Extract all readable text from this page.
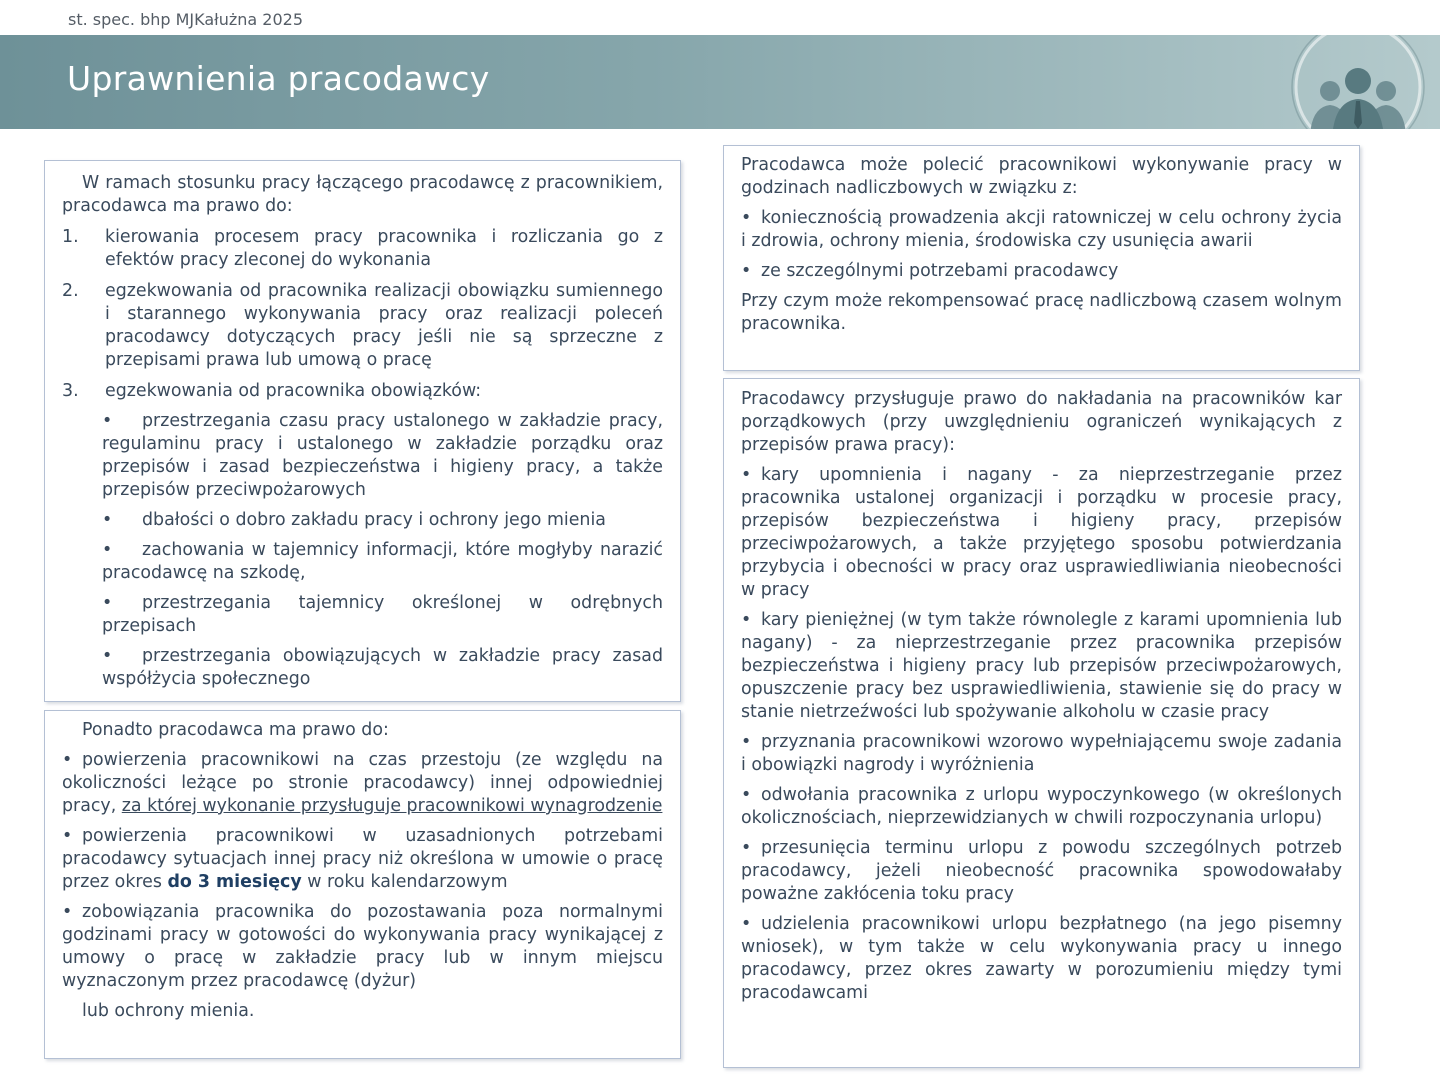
st. spec. bhp MJKałużna 2025
Uprawnienia pracodawcy

W ramach stosunku pracy łączącego pracodawcę z pracownikiem, pracodawca ma prawo do:

1.	kierowania procesem pracy pracownika i rozliczania go z efektów pracy zleconej do wykonania
2.	egzekwowania od pracownika realizacji obowiązku sumiennego i starannego wykonywania pracy oraz realizacji poleceń pracodawcy dotyczących pracy jeśli nie są sprzeczne z przepisami prawa lub umową o pracę
3.	egzekwowania od pracownika obowiązków:
• przestrzegania czasu pracy ustalonego w zakładzie pracy, regulaminu pracy i ustalonego w zakładzie porządku oraz przepisów i zasad bezpieczeństwa i higieny pracy, a także przepisów przeciwpożarowych
• dbałości o dobro zakładu pracy i ochrony jego mienia
• zachowania w tajemnicy informacji, które mogłyby narazić pracodawcę na szkodę,
• przestrzegania tajemnicy określonej w odrębnych przepisach
• przestrzegania obowiązujących w zakładzie pracy zasad współżycia społecznego

Ponadto pracodawca ma prawo do:

• powierzenia pracownikowi na czas przestoju (ze względu na okoliczności leżące po stronie pracodawcy) innej odpowiedniej pracy, za której wykonanie przysługuje pracownikowi wynagrodzenie
• powierzenia pracownikowi w uzasadnionych potrzebami pracodawcy sytuacjach innej pracy niż określona w umowie o pracę przez okres do 3 miesięcy w roku kalendarzowym
• zobowiązania pracownika do pozostawania poza normalnymi godzinami pracy w gotowości do wykonywania pracy wynikającej z umowy o pracę w zakładzie pracy lub w innym miejscu wyznaczonym przez pracodawcę (dyżur)

lub ochrony mienia.

Pracodawca może polecić pracownikowi wykonywanie pracy w godzinach nadliczbowych w związku z:

• koniecznością prowadzenia akcji ratowniczej w celu ochrony życia i zdrowia, ochrony mienia, środowiska czy usunięcia awarii
• ze szczególnymi potrzebami pracodawcy

Przy czym może rekompensować pracę nadliczbową czasem wolnym pracownika.

Pracodawcy przysługuje prawo do nakładania na pracowników kar porządkowych (przy uwzględnieniu ograniczeń wynikających z przepisów prawa pracy):

• kary upomnienia i nagany - za nieprzestrzeganie przez pracownika ustalonej organizacji i porządku w procesie pracy, przepisów bezpieczeństwa i higieny pracy, przepisów przeciwpożarowych, a także przyjętego sposobu potwierdzania przybycia i obecności w pracy oraz usprawiedliwiania nieobecności w pracy
• kary pieniężnej (w tym także równolegle z karami upomnienia lub nagany) - za nieprzestrzeganie przez pracownika przepisów bezpieczeństwa i higieny pracy lub przepisów przeciwpożarowych, opuszczenie pracy bez usprawiedliwienia, stawienie się do pracy w stanie nietrzeźwości lub spożywanie alkoholu w czasie pracy
• przyznania pracownikowi wzorowo wypełniającemu swoje zadania i obowiązki nagrody i wyróżnienia
• odwołania pracownika z urlopu wypoczynkowego (w określonych okolicznościach, nieprzewidzianych w chwili rozpoczynania urlopu)
• przesunięcia terminu urlopu z powodu szczególnych potrzeb pracodawcy, jeżeli nieobecność pracownika spowodowałaby poważne zakłócenia toku pracy
• udzielenia pracownikowi urlopu bezpłatnego (na jego pisemny wniosek), w tym także w celu wykonywania pracy u innego pracodawcy, przez okres zawarty w porozumieniu między tymi pracodawcami
